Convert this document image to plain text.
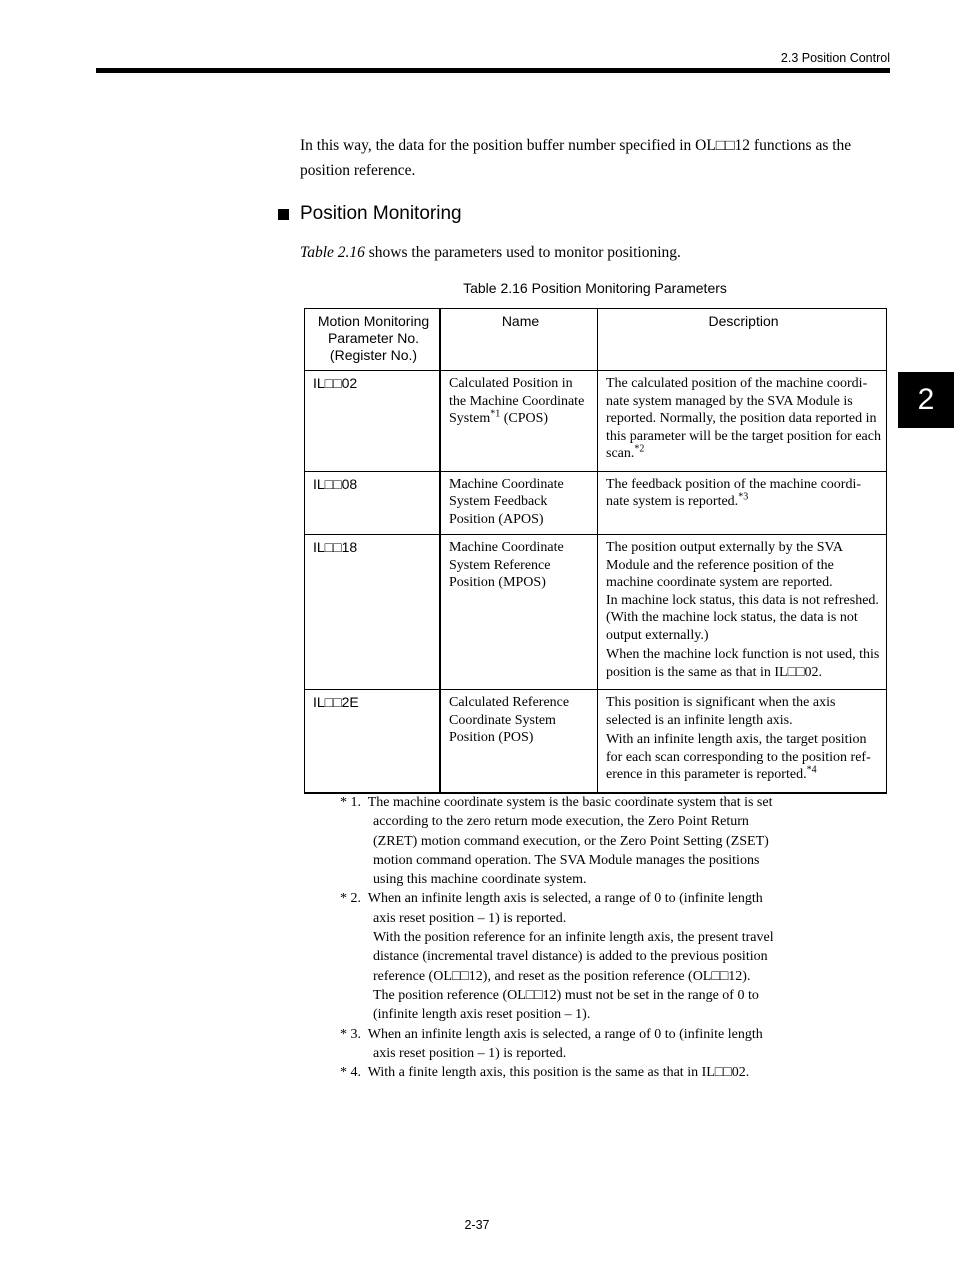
2.3 Position Control
2
In this way, the data for the position buffer number specified in OL□□12 functions as the position reference.
Position Monitoring
Table 2.16 shows the parameters used to monitor positioning.
Table 2.16 Position Monitoring Parameters
Motion Monitoring Parameter No. (Register No.)	Name	Description
IL□□02	Calculated Position in the Machine Coordinate System$^{*1}$ (CPOS)	The calculated position of the machine coordi-nate system managed by the SVA Module is reported. Normally, the position data reported in this parameter will be the target position for each scan.$^{*2}$

IL□□08	Machine Coordinate System Feedback Position (APOS)	The feedback position of the machine coordi-nate system is reported.$^{*3}$

IL□□18	Machine Coordinate System Reference Position (MPOS)	The position output externally by the SVA Module and the reference position of the machine coordinate system are reported.

In machine lock status, this data is not refreshed. (With the machine lock status, the data is not output externally.)

When the machine lock function is not used, this position is the same as that in IL□□02.

IL□□2E	Calculated Reference Coordinate System Position (POS)	This position is significant when the axis selected is an infinite length axis.

With an infinite length axis, the target position for each scan corresponding to the position ref-erence in this parameter is reported.$^{*4}$

* 1. The machine coordinate system is the basic coordinate system that is set according to the zero return mode execution, the Zero Point Return (ZRET) motion command execution, or the Zero Point Setting (ZSET) motion command operation. The SVA Module manages the positions using this machine coordinate system.
* 2. When an infinite length axis is selected, a range of 0 to (infinite length axis reset position – 1) is reported.
With the position reference for an infinite length axis, the present travel distance (incremental travel distance) is added to the previous position reference (OL□□12), and reset as the position reference (OL□□12).
The position reference (OL□□12) must not be set in the range of 0 to (infinite length axis reset position – 1).
* 3. When an infinite length axis is selected, a range of 0 to (infinite length axis reset position – 1) is reported.
* 4. With a finite length axis, this position is the same as that in IL□□02.
2-37
